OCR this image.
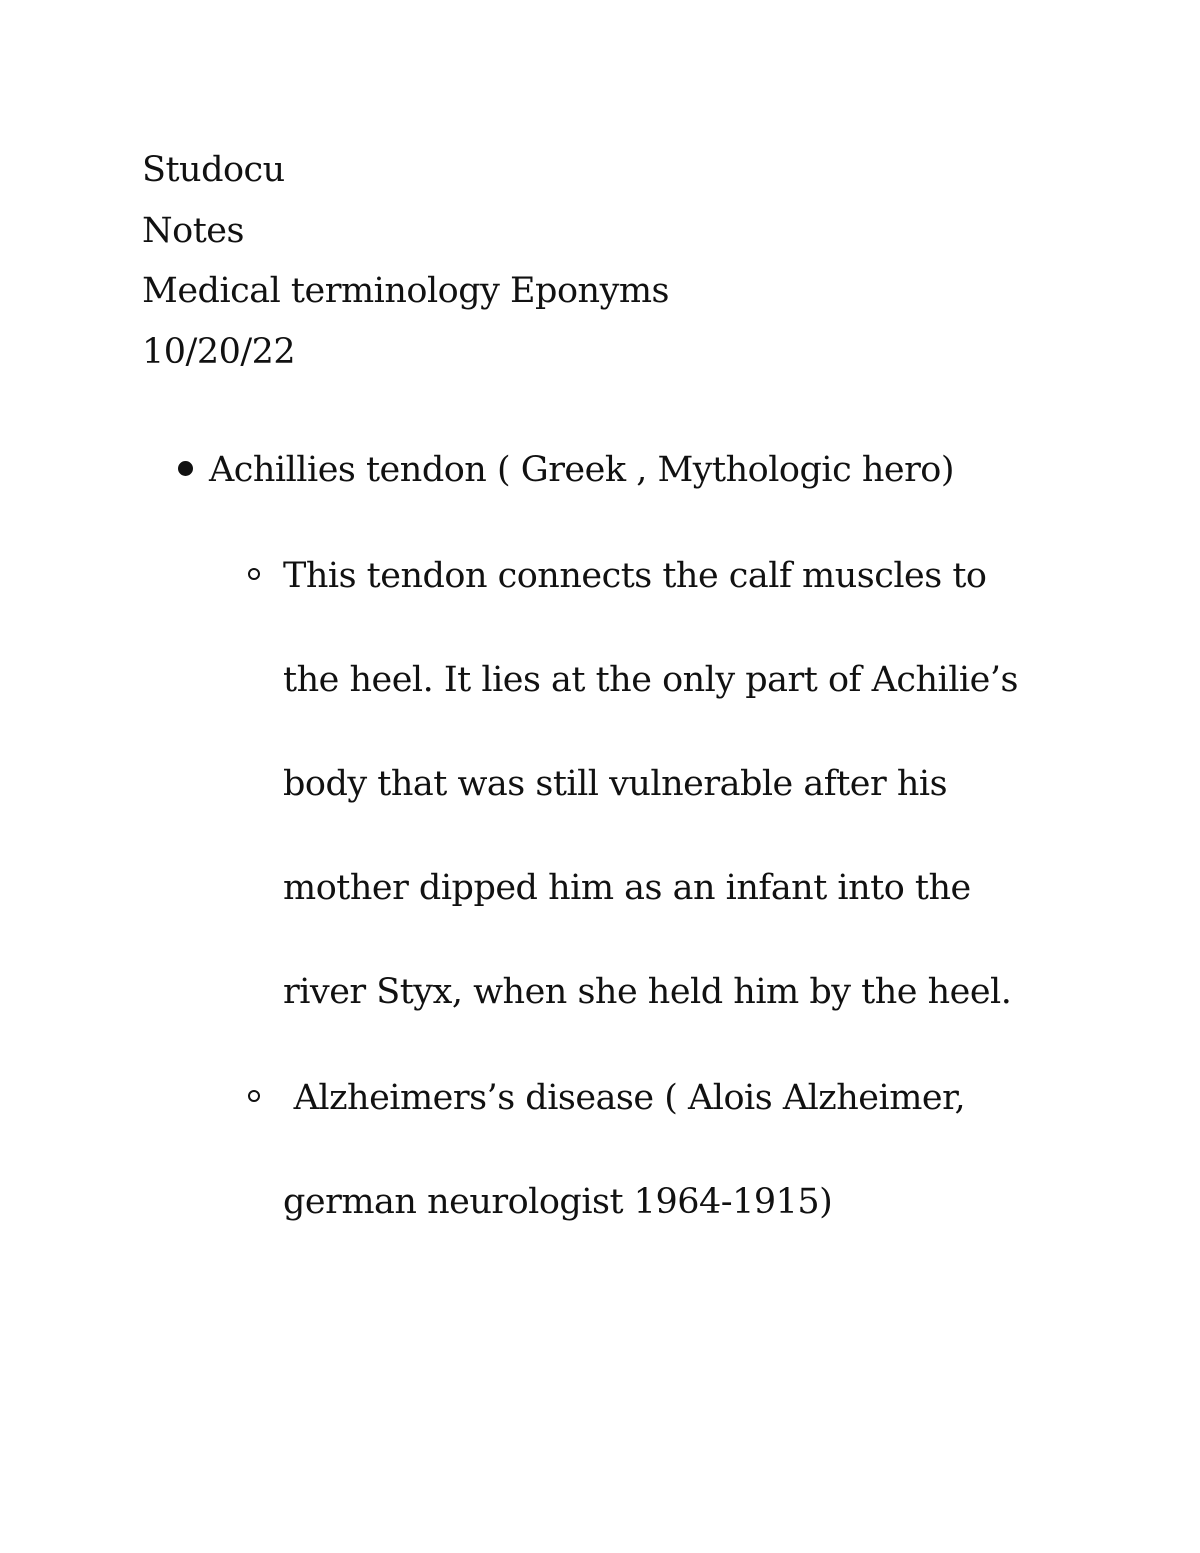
Studocu
Notes
Medical terminology Eponyms
10/20/22
Achillies tendon ( Greek , Mythologic hero)
This tendon connects the calf muscles to
the heel. It lies at the only part of Achilie’s
body that was still vulnerable after his
mother dipped him as an infant into the
river Styx, when she held him by the heel.
Alzheimers’s disease ( Alois Alzheimer,
german neurologist 1964-1915)
